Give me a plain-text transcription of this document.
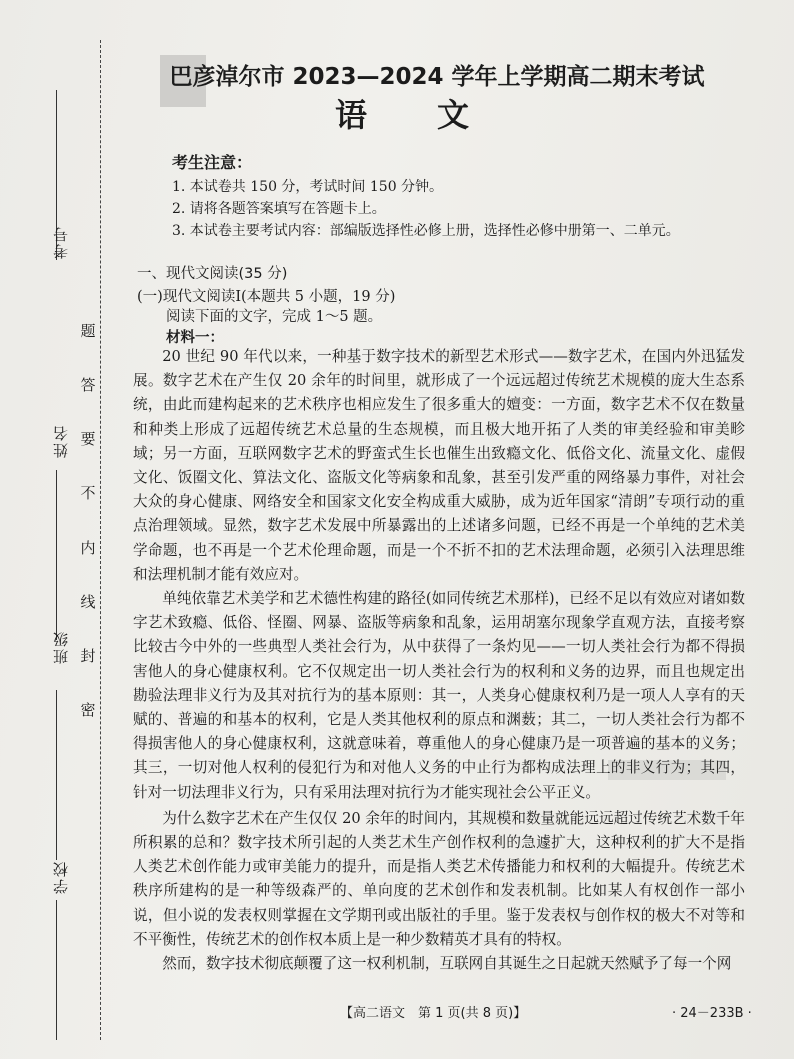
考号
姓名
班级
学校
题
答
要
不
内
线
封
密
巴彦淖尔市 2023—2024 学年上学期高二期末考试
语文
考生注意：
1. 本试卷共 150 分，考试时间 150 分钟。
2. 请将各题答案填写在答题卡上。
3. 本试卷主要考试内容：部编版选择性必修上册，选择性必修中册第一、二单元。
一、现代文阅读(35 分)
(一)现代文阅读Ⅰ(本题共 5 小题，19 分)
阅读下面的文字，完成 1～5 题。
材料一：

20 世纪 90 年代以来，一种基于数字技术的新型艺术形式——数字艺术，在国内外迅猛发展。数字艺术在产生仅 20 余年的时间里，就形成了一个远远超过传统艺术规模的庞大生态系统，由此而建构起来的艺术秩序也相应发生了很多重大的嬗变：一方面，数字艺术不仅在数量和种类上形成了远超传统艺术总量的生态规模，而且极大地开拓了人类的审美经验和审美畛域；另一方面，互联网数字艺术的野蛮式生长也催生出致瘾文化、低俗文化、流量文化、虚假文化、饭圈文化、算法文化、盗版文化等病象和乱象，甚至引发严重的网络暴力事件，对社会大众的身心健康、网络安全和国家文化安全构成重大威胁，成为近年国家“清朗”专项行动的重点治理领域。显然，数字艺术发展中所暴露出的上述诸多问题，已经不再是一个单纯的艺术美学命题，也不再是一个艺术伦理命题，而是一个不折不扣的艺术法理命题，必须引入法理思维和法理机制才能有效应对。

单纯依靠艺术美学和艺术德性构建的路径(如同传统艺术那样)，已经不足以有效应对诸如数字艺术致瘾、低俗、怪圈、网暴、盗版等病象和乱象，运用胡塞尔现象学直观方法，直接考察比较古今中外的一些典型人类社会行为，从中获得了一条灼见——一切人类社会行为都不得损害他人的身心健康权利。它不仅规定出一切人类社会行为的权利和义务的边界，而且也规定出勘验法理非义行为及其对抗行为的基本原则：其一，人类身心健康权利乃是一项人人享有的天赋的、普遍的和基本的权利，它是人类其他权利的原点和渊薮；其二，一切人类社会行为都不得损害他人的身心健康权利，这就意味着，尊重他人的身心健康乃是一项普遍的基本的义务；其三，一切对他人权利的侵犯行为和对他人义务的中止行为都构成法理上的非义行为；其四，针对一切法理非义行为，只有采用法理对抗行为才能实现社会公平正义。

为什么数字艺术在产生仅仅 20 余年的时间内，其规模和数量就能远远超过传统艺术数千年所积累的总和？数字技术所引起的人类艺术生产创作权利的急遽扩大，这种权利的扩大不是指人类艺术创作能力或审美能力的提升，而是指人类艺术传播能力和权利的大幅提升。传统艺术秩序所建构的是一种等级森严的、单向度的艺术创作和发表机制。比如某人有权创作一部小说，但小说的发表权则掌握在文学期刊或出版社的手里。鉴于发表权与创作权的极大不对等和不平衡性，传统艺术的创作权本质上是一种少数精英才具有的特权。

然而，数字技术彻底颠覆了这一权利机制，互联网自其诞生之日起就天然赋予了每一个网

【高二语文　第 1 页(共 8 页)】	· 24－233B ·
